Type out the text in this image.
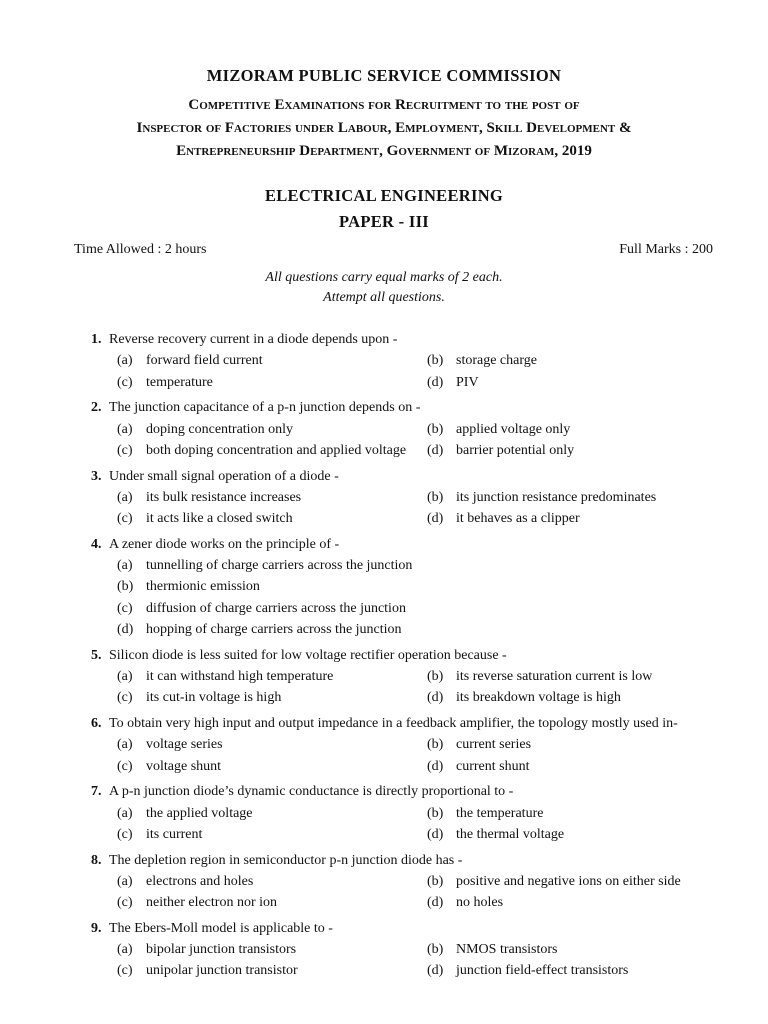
MIZORAM PUBLIC SERVICE COMMISSION
Competitive Examinations for Recruitment to the post of
Inspector of Factories under Labour, Employment, Skill Development &
Entrepreneurship Department, Government of Mizoram, 2019
ELECTRICAL ENGINEERING
PAPER - III
Time Allowed : 2 hours	Full Marks : 200
All questions carry equal marks of 2 each.
Attempt all questions.
1. Reverse recovery current in a diode depends upon -
(a) forward field current	(b) storage charge
(c) temperature	(d) PIV
2. The junction capacitance of a p-n junction depends on -
(a) doping concentration only	(b) applied voltage only
(c) both doping concentration and applied voltage (d) barrier potential only
3. Under small signal operation of a diode -
(a) its bulk resistance increases	(b) its junction resistance predominates
(c) it acts like a closed switch	(d) it behaves as a clipper
4. A zener diode works on the principle of -
(a) tunnelling of charge carriers across the junction
(b) thermionic emission
(c) diffusion of charge carriers across the junction
(d) hopping of charge carriers across the junction
5. Silicon diode is less suited for low voltage rectifier operation because -
(a) it can withstand high temperature	(b) its reverse saturation current is low
(c) its cut-in voltage is high	(d) its breakdown voltage is high
6. To obtain very high input and output impedance in a feedback amplifier, the topology mostly used in-
(a) voltage series	(b) current series
(c) voltage shunt	(d) current shunt
7. A p-n junction diode’s dynamic conductance is directly proportional to -
(a) the applied voltage	(b) the temperature
(c) its current	(d) the thermal voltage
8. The depletion region in semiconductor p-n junction diode has -
(a) electrons and holes	(b) positive and negative ions on either side
(c) neither electron nor ion	(d) no holes
9. The Ebers-Moll model is applicable to -
(a) bipolar junction transistors	(b) NMOS transistors
(c) unipolar junction transistor	(d) junction field-effect transistors
